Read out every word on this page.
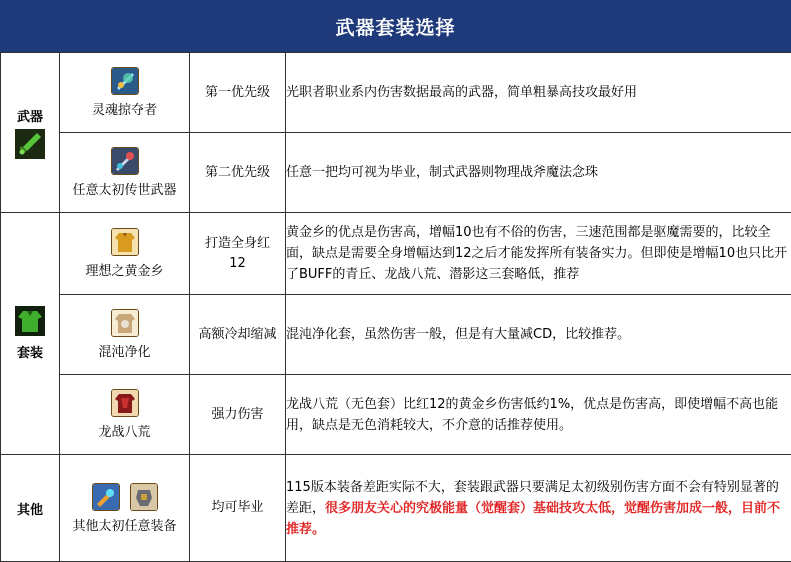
武器套装选择
武器	灵魂掠夺者	第一优先级	光职者职业系内伤害数据最高的武器，简单粗暴高技攻最好用

	任意太初传世武器	第二优先级	任意一把均可视为毕业，制式武器则物理战斧魔法念珠

套装	理想之黄金乡	打造全身红12	黄金乡的优点是伤害高，增幅10也有不俗的伤害，三速范围都是驱魔需要的，比较全面，缺点是需要全身增幅达到12之后才能发挥所有装备实力。但即使是增幅10也只比开了BUFF的青丘、龙战八荒、潜影这三套略低，推荐

	混沌净化	高额冷却缩减	混沌净化套，虽然伤害一般，但是有大量减CD，比较推荐。

	龙战八荒	强力伤害	龙战八荒（无色套）比红12的黄金乡伤害低约1%，优点是伤害高，即使增幅不高也能用，缺点是无色消耗较大，不介意的话推荐使用。
其他	其他太初任意装备	均可毕业	115版本装备差距实际不大，套装跟武器只要满足太初级别伤害方面不会有特别显著的差距，很多朋友关心的究极能量（觉醒套）基础技攻太低，觉醒伤害加成一般，目前不推荐。
